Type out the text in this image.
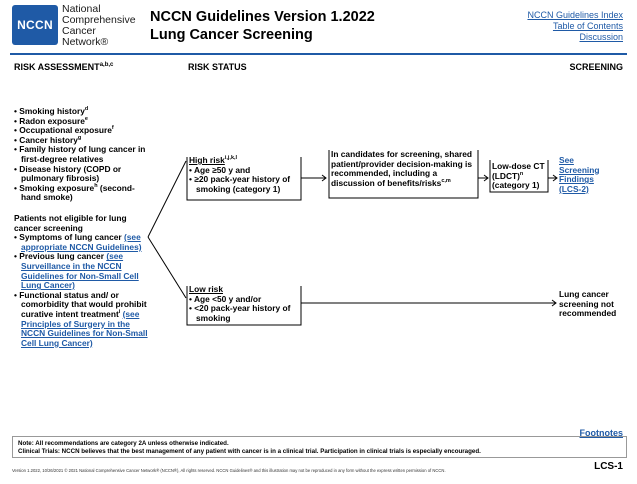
NCCN
National
Comprehensive
Cancer
Network®
NCCN Guidelines Version 1.2022
Lung Cancer Screening
NCCN Guidelines Index
Table of Contents
Discussion
RISK ASSESSMENT$^{a,b,c}$	RISK STATUS	SCREENING
• Smoking history$^d$
• Radon exposure$^e$
• Occupational exposure$^f$
• Cancer history$^g$
• Family history of lung cancer in first-degree relatives
• Disease history (COPD or pulmonary fibrosis)
• Smoking exposure$^h$ (second-hand smoke)
Patients not eligible for lung cancer screening
• Symptoms of lung cancer (see appropriate NCCN Guidelines)
• Previous lung cancer (see Surveillance in the NCCN Guidelines for Non-Small Cell Lung Cancer)
• Functional status and/ or comorbidity that would prohibit curative intent treatment$^i$ (see Principles of Surgery in the NCCN Guidelines for Non-Small Cell Lung Cancer)
High risk$^{i,j,k,l}$
• Age ≥50 y and
• ≥20 pack-year history of smoking (category 1)
In candidates for screening, shared patient/provider decision-making is recommended, including a discussion of benefits/risks$^{c,m}$
Low-dose CT (LDCT)$^n$
(category 1)
See Screening Findings (LCS-2)
Low risk
• Age <50 y and/or
• <20 pack-year history of smoking
Lung cancer screening not recommended
Footnotes
Note: All recommendations are category 2A unless otherwise indicated.
Clinical Trials: NCCN believes that the best management of any patient with cancer is in a clinical trial. Participation in clinical trials is especially encouraged.
Version 1.2022, 10/26/2021 © 2021 National Comprehensive Cancer Network® (NCCN®), All rights reserved. NCCN Guidelines® and this illustration may not be reproduced in any form without the express written permission of NCCN.	LCS-1
